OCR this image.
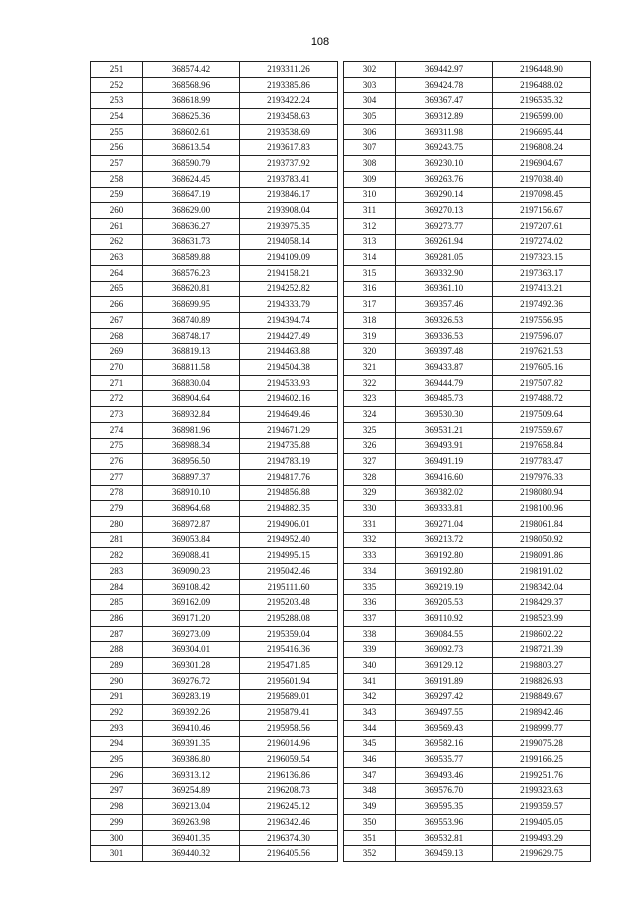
108
251	368574.42	2193311.26
252	368568.96	2193385.86
253	368618.99	2193422.24
254	368625.36	2193458.63
255	368602.61	2193538.69
256	368613.54	2193617.83
257	368590.79	2193737.92
258	368624.45	2193783.41
259	368647.19	2193846.17
260	368629.00	2193908.04
261	368636.27	2193975.35
262	368631.73	2194058.14
263	368589.88	2194109.09
264	368576.23	2194158.21
265	368620.81	2194252.82
266	368699.95	2194333.79
267	368740.89	2194394.74
268	368748.17	2194427.49
269	368819.13	2194463.88
270	368811.58	2194504.38
271	368830.04	2194533.93
272	368904.64	2194602.16
273	368932.84	2194649.46
274	368981.96	2194671.29
275	368988.34	2194735.88
276	368956.50	2194783.19
277	368897.37	2194817.76
278	368910.10	2194856.88
279	368964.68	2194882.35
280	368972.87	2194906.01
281	369053.84	2194952.40
282	369088.41	2194995.15
283	369090.23	2195042.46
284	369108.42	2195111.60
285	369162.09	2195203.48
286	369171.20	2195288.08
287	369273.09	2195359.04
288	369304.01	2195416.36
289	369301.28	2195471.85
290	369276.72	2195601.94
291	369283.19	2195689.01
292	369392.26	2195879.41
293	369410.46	2195958.56
294	369391.35	2196014.96
295	369386.80	2196059.54
296	369313.12	2196136.86
297	369254.89	2196208.73
298	369213.04	2196245.12
299	369263.98	2196342.46
300	369401.35	2196374.30
301	369440.32	2196405.56
302	369442.97	2196448.90
303	369424.78	2196488.02
304	369367.47	2196535.32
305	369312.89	2196599.00
306	369311.98	2196695.44
307	369243.75	2196808.24
308	369230.10	2196904.67
309	369263.76	2197038.40
310	369290.14	2197098.45
311	369270.13	2197156.67
312	369273.77	2197207.61
313	369261.94	2197274.02
314	369281.05	2197323.15
315	369332.90	2197363.17
316	369361.10	2197413.21
317	369357.46	2197492.36
318	369326.53	2197556.95
319	369336.53	2197596.07
320	369397.48	2197621.53
321	369433.87	2197605.16
322	369444.79	2197507.82
323	369485.73	2197488.72
324	369530.30	2197509.64
325	369531.21	2197559.67
326	369493.91	2197658.84
327	369491.19	2197783.47
328	369416.60	2197976.33
329	369382.02	2198080.94
330	369333.81	2198100.96
331	369271.04	2198061.84
332	369213.72	2198050.92
333	369192.80	2198091.86
334	369192.80	2198191.02
335	369219.19	2198342.04
336	369205.53	2198429.37
337	369110.92	2198523.99
338	369084.55	2198602.22
339	369092.73	2198721.39
340	369129.12	2198803.27
341	369191.89	2198826.93
342	369297.42	2198849.67
343	369497.55	2198942.46
344	369569.43	2198999.77
345	369582.16	2199075.28
346	369535.77	2199166.25
347	369493.46	2199251.76
348	369576.70	2199323.63
349	369595.35	2199359.57
350	369553.96	2199405.05
351	369532.81	2199493.29
352	369459.13	2199629.75
